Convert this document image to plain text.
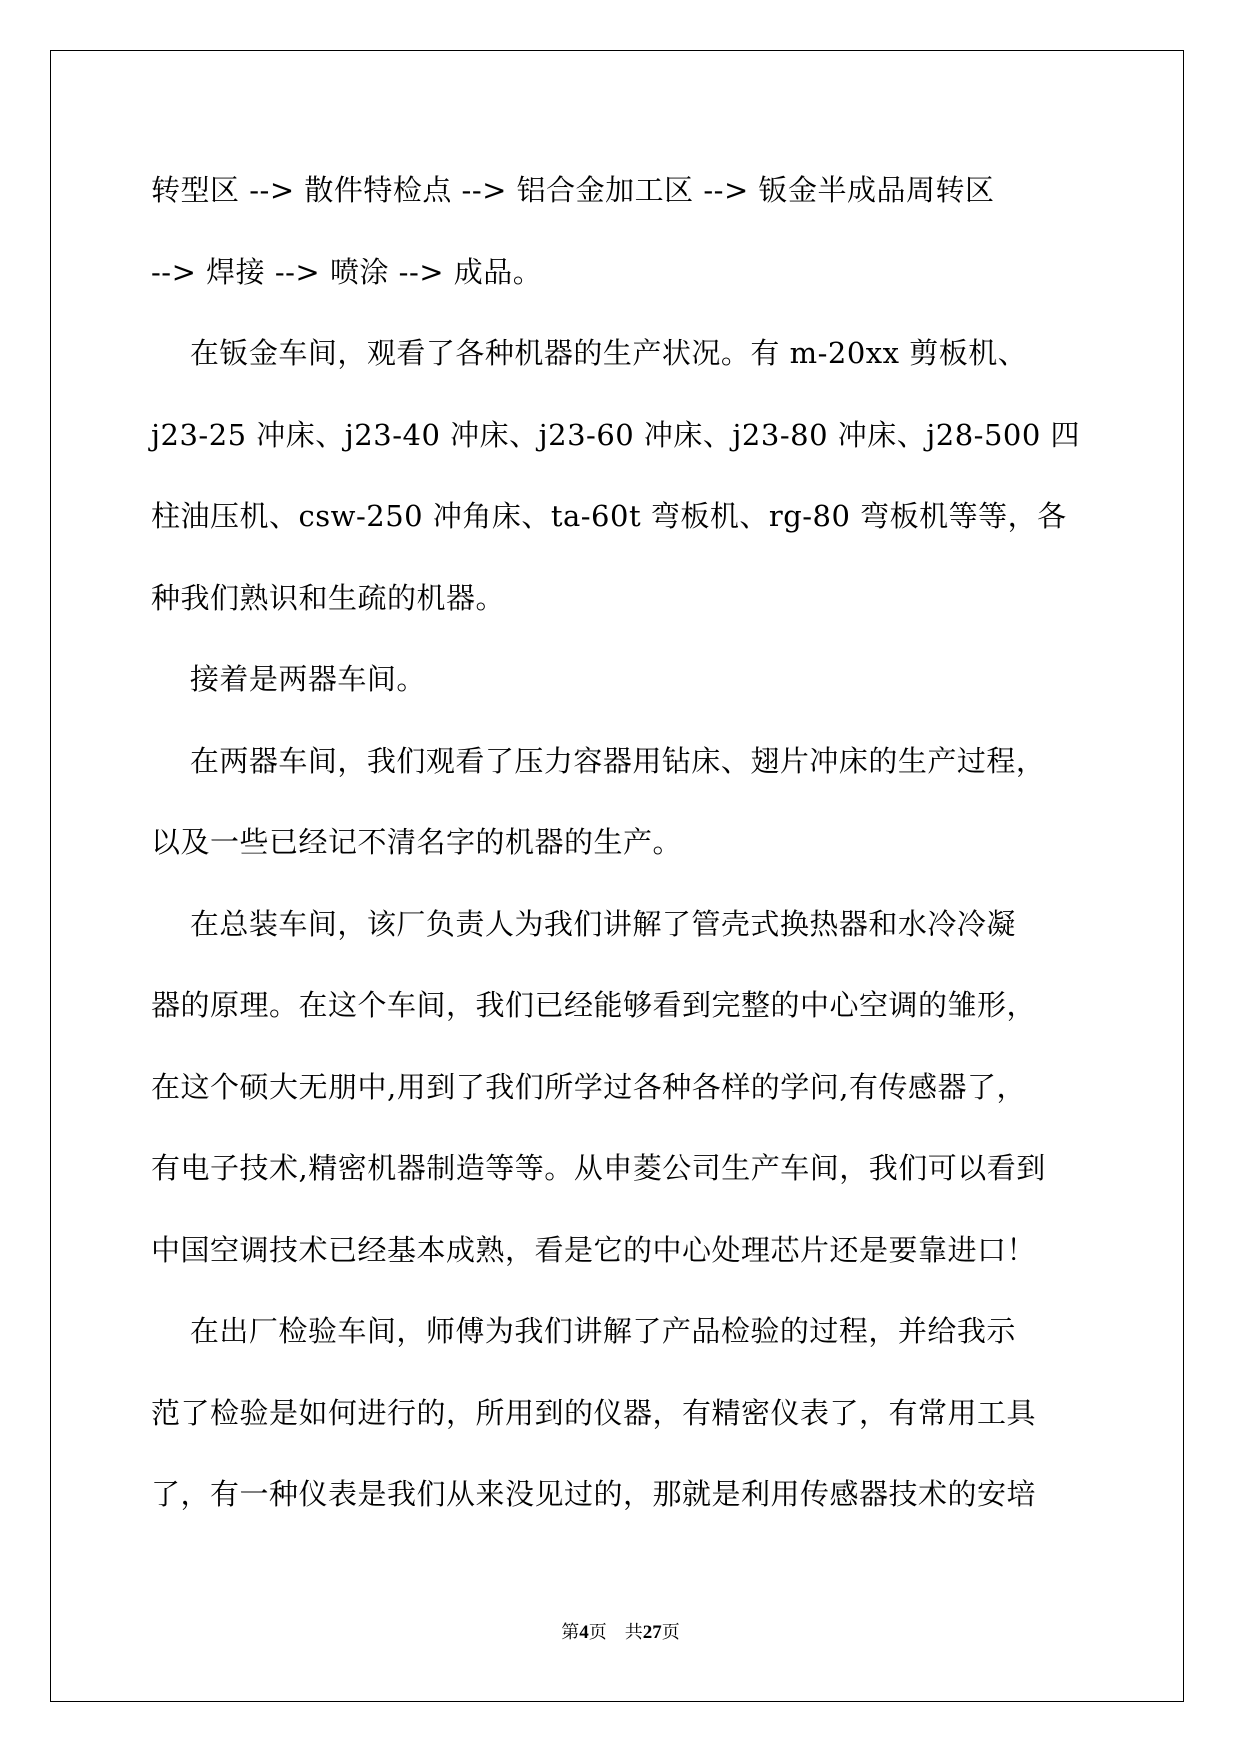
转型区 --> 散件特检点 --> 铝合金加工区 --> 钣金半成品周转区
--> 焊接 --> 喷涂 --> 成品。
在钣金车间，观看了各种机器的生产状况。有 m-20xx 剪板机、
j23-25 冲床、j23-40 冲床、j23-60 冲床、j23-80 冲床、j28-500 四
柱油压机、csw-250 冲角床、ta-60t 弯板机、rg-80 弯板机等等，各
种我们熟识和生疏的机器。
接着是两器车间。
在两器车间，我们观看了压力容器用钻床、翅片冲床的生产过程，
以及一些已经记不清名字的机器的生产。
在总装车间，该厂负责人为我们讲解了管壳式换热器和水冷冷凝
器的原理。在这个车间，我们已经能够看到完整的中心空调的雏形，
在这个硕大无朋中,用到了我们所学过各种各样的学问,有传感器了，
有电子技术,精密机器制造等等。从申菱公司生产车间，我们可以看到
中国空调技术已经基本成熟，看是它的中心处理芯片还是要靠进口！
在出厂检验车间，师傅为我们讲解了产品检验的过程，并给我示
范了检验是如何进行的，所用到的仪器，有精密仪表了，有常用工具
了，有一种仪表是我们从来没见过的，那就是利用传感器技术的安培
第4页 共27页
